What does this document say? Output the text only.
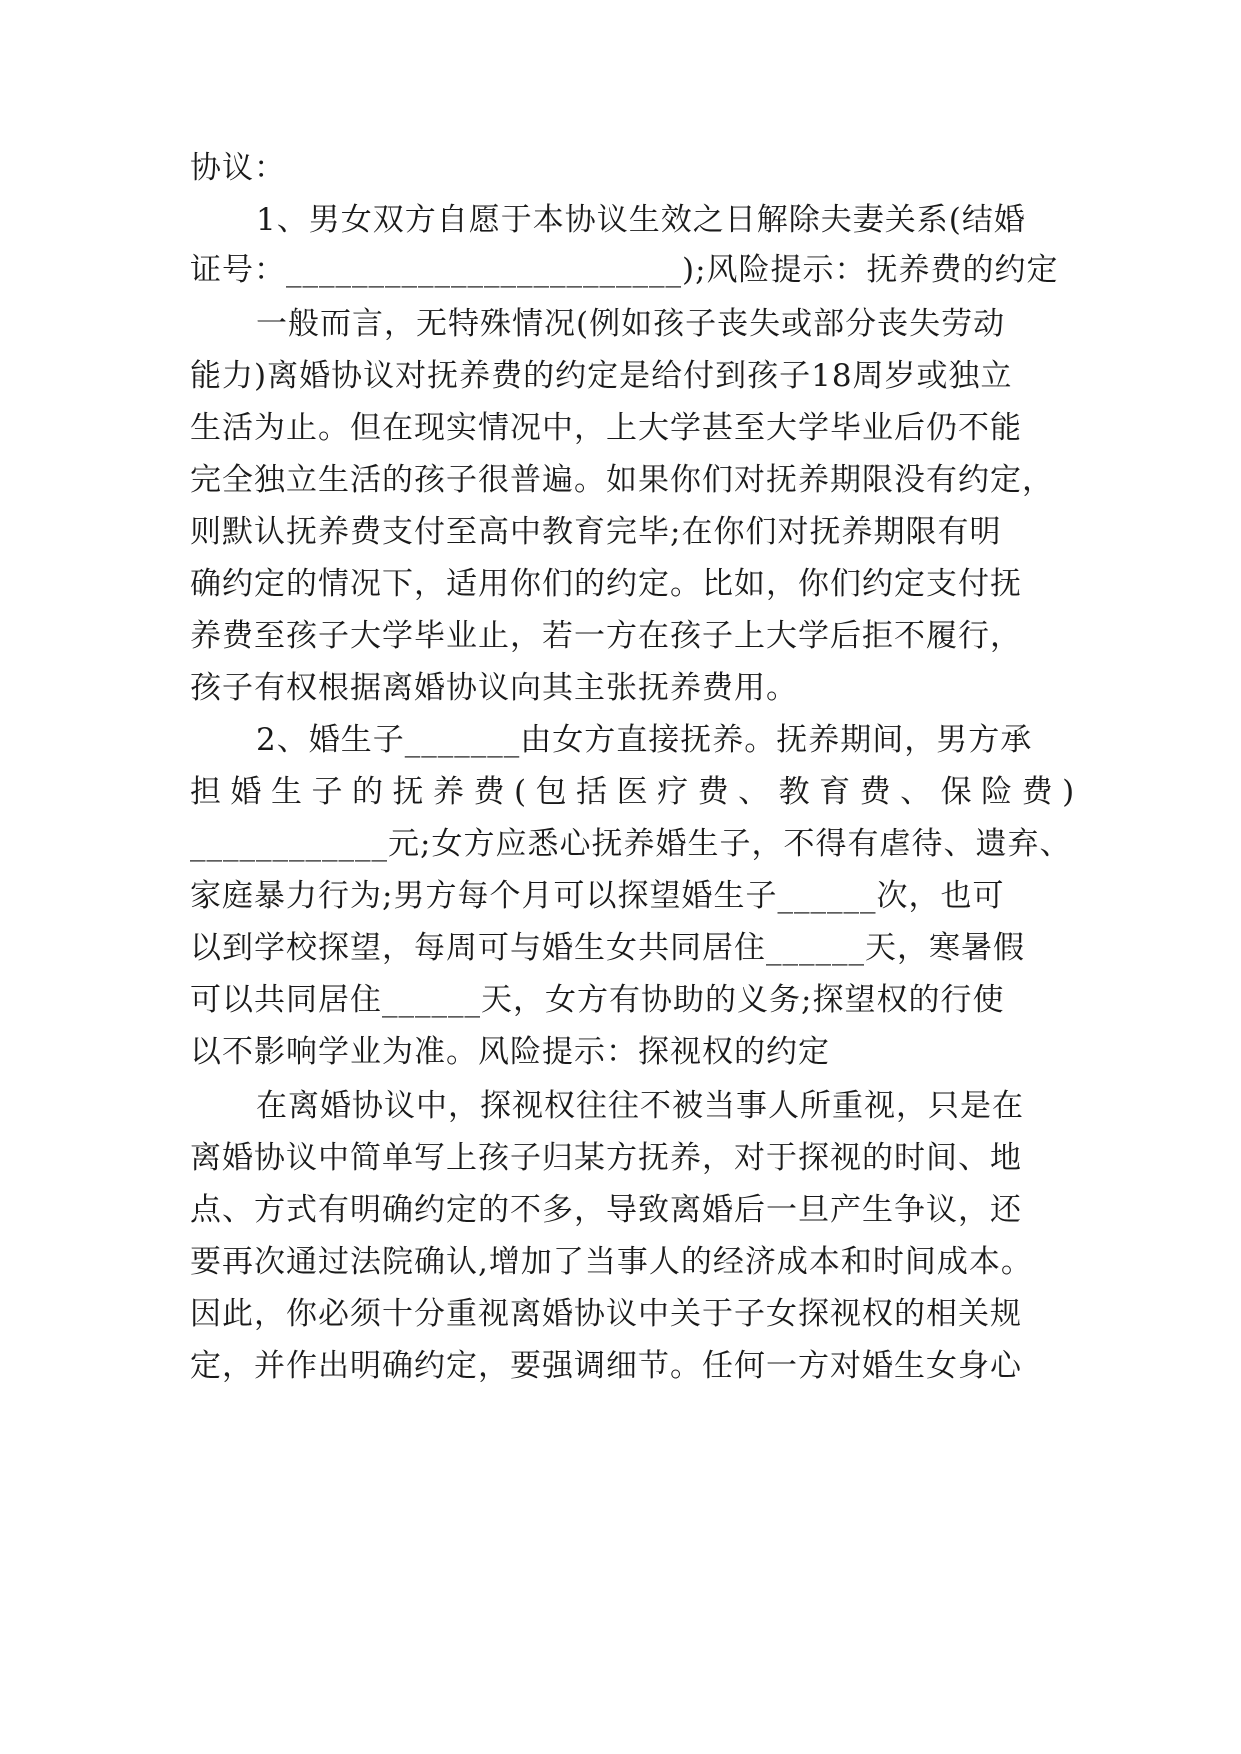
协议：
1、男女双方自愿于本协议生效之日解除夫妻关系(结婚
证号：________________________);风险提示：抚养费的约定
一般而言，无特殊情况(例如孩子丧失或部分丧失劳动
能力)离婚协议对抚养费的约定是给付到孩子18周岁或独立
生活为止。但在现实情况中，上大学甚至大学毕业后仍不能
完全独立生活的孩子很普遍。如果你们对抚养期限没有约定，
则默认抚养费支付至高中教育完毕;在你们对抚养期限有明
确约定的情况下，适用你们的约定。比如，你们约定支付抚
养费至孩子大学毕业止，若一方在孩子上大学后拒不履行，
孩子有权根据离婚协议向其主张抚养费用。
2、婚生子_______由女方直接抚养。抚养期间，男方承
担婚生子的抚养费(包括医疗费、教育费、保险费)
____________元;女方应悉心抚养婚生子，不得有虐待、遗弃、
家庭暴力行为;男方每个月可以探望婚生子______次，也可
以到学校探望，每周可与婚生女共同居住______天，寒暑假
可以共同居住______天，女方有协助的义务;探望权的行使
以不影响学业为准。风险提示：探视权的约定
在离婚协议中，探视权往往不被当事人所重视，只是在
离婚协议中简单写上孩子归某方抚养，对于探视的时间、地
点、方式有明确约定的不多，导致离婚后一旦产生争议，还
要再次通过法院确认,增加了当事人的经济成本和时间成本。
因此，你必须十分重视离婚协议中关于子女探视权的相关规
定，并作出明确约定，要强调细节。任何一方对婚生女身心
